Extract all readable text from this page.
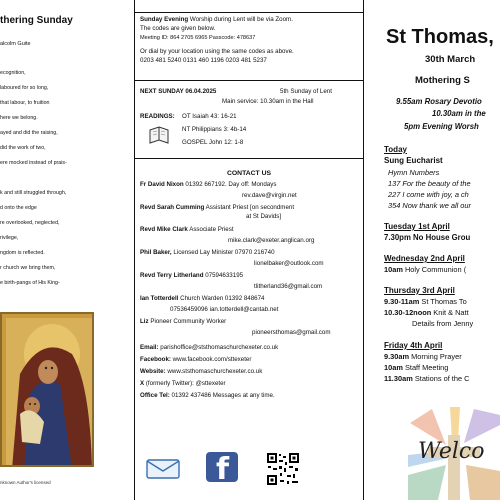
thering Sunday
alcolm Guite
ecognition,
laboured for so long,
that labour, to fruition
here we belong.
ayed and did the raising,
did the work of two,
ere mocked instead of prais-
k and still struggled through,
d onto the edge
re overlooked, neglected,
rivilege,
ngdom is reflected.
r church we bring them,
e birth-pangs of His King-
nknown Author's licensed
Sunday Evening Worship during Lent will be via Zoom.
The codes are given below.
Meeting ID: 864 2705 6965 Passcode: 478637
Or dial by your location using the same codes as above.
0203 481 5240 0131 460 1196 0203 481 5237
NEXT SUNDAY 06.04.2025	5th Sunday of Lent
Main service: 10.30am in the Hall
READINGS: OT Isaiah 43: 16-21
NT Philippians 3: 4b-14
GOSPEL John 12: 1-8
CONTACT US
Fr David Nixon 01392 667192. Day off: Mondays
rev.dave@virgin.net
Revd Sarah Cumming Assistant Priest [on secondment
at St Davids]
Revd Mike Clark Associate Priest
mike.clark@exeter.anglican.org
Phil Baker, Licensed Lay Minister 07970 216740
lionelbaker@outlook.com
Revd Terry Litherland 07594633195
tlitherland36@gmail.com
Ian Totterdell Church Warden 01392 848674
07536459096 ian.totterdell@cantab.net
Liz Pioneer Community Worker
pioneersthomas@gmail.com
Email: parishoffice@ststhomaschurchexeter.co.uk
Facebook: www.facebook.com/sttexeter
Website: www.ststhomaschurchexeter.co.uk
X (formerly Twitter): @sttexeter
Office Tel: 01392 437486 Messages at any time.
f
St Thomas,
30th March
Mothering S
9.55am Rosary Devotio
10.30am in the
5pm Evening Worsh
Today
Sung Eucharist
Hymn Numbers
137 For the beauty of the
227 I come with joy, a ch
354 Now thank we all our
Tuesday 1st April
7.30pm No House Grou
Wednesday 2nd April
10am Holy Communion (
Thursday 3rd April
9.30-11am St Thomas To
10.30-12noon Knit & Natt
Details from Jenny
Friday 4th April
9.30am Morning Prayer
10am Staff Meeting
11.30am Stations of the C
Welco
